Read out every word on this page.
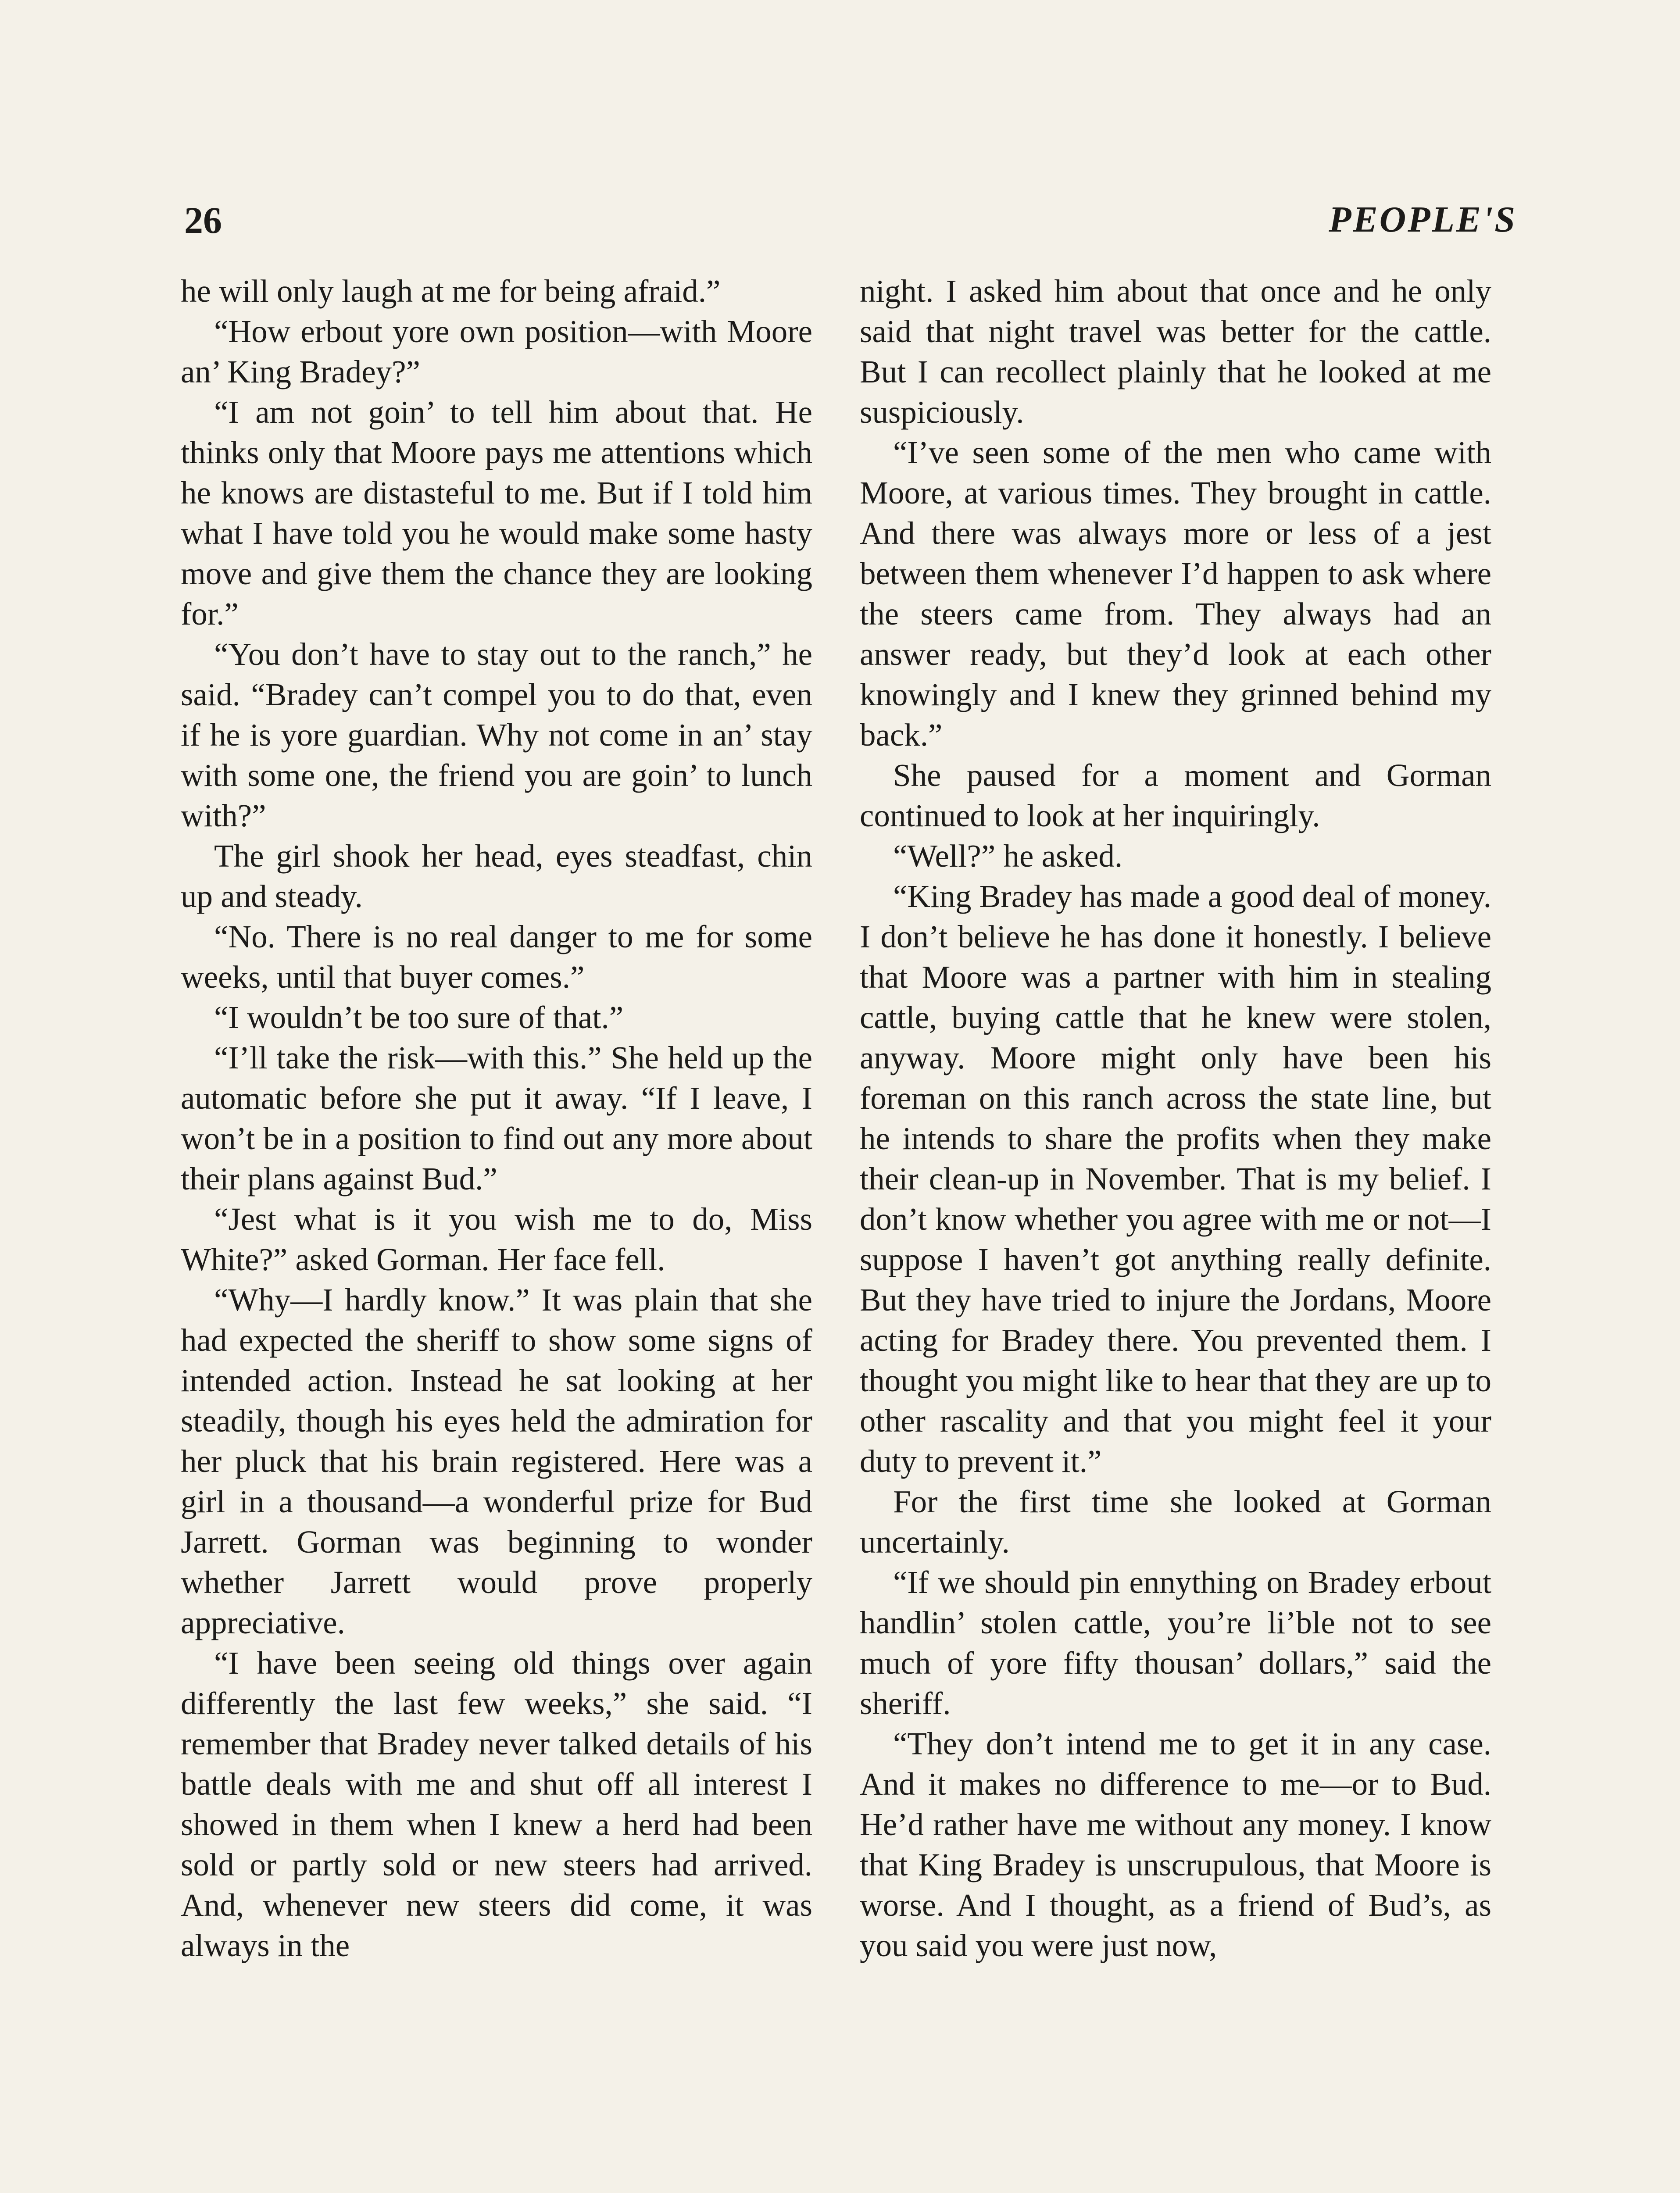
26	PEOPLE'S

he will only laugh at me for being afraid.”

“How erbout yore own position—with Moore an’ King Bradey?”

“I am not goin’ to tell him about that. He thinks only that Moore pays me attentions which he knows are distasteful to me. But if I told him what I have told you he would make some hasty move and give them the chance they are looking for.”

“You don’t have to stay out to the ranch,” he said. “Bradey can’t compel you to do that, even if he is yore guardian. Why not come in an’ stay with some one, the friend you are goin’ to lunch with?”

The girl shook her head, eyes steadfast, chin up and steady.

“No. There is no real danger to me for some weeks, until that buyer comes.”

“I wouldn’t be too sure of that.”

“I’ll take the risk—with this.” She held up the automatic before she put it away. “If I leave, I won’t be in a position to find out any more about their plans against Bud.”

“Jest what is it you wish me to do, Miss White?” asked Gorman. Her face fell.

“Why—I hardly know.” It was plain that she had expected the sheriff to show some signs of intended action. Instead he sat looking at her steadily, though his eyes held the admiration for her pluck that his brain registered. Here was a girl in a thousand—a wonderful prize for Bud Jarrett. Gorman was beginning to wonder whether Jarrett would prove properly appreciative.

“I have been seeing old things over again differently the last few weeks,” she said. “I remember that Bradey never talked details of his battle deals with me and shut off all interest I showed in them when I knew a herd had been sold or partly sold or new steers had arrived. And, whenever new steers did come, it was always in the

night. I asked him about that once and he only said that night travel was better for the cattle. But I can recollect plainly that he looked at me suspiciously.

“I’ve seen some of the men who came with Moore, at various times. They brought in cattle. And there was always more or less of a jest between them whenever I’d happen to ask where the steers came from. They always had an answer ready, but they’d look at each other knowingly and I knew they grinned behind my back.”

She paused for a moment and Gorman continued to look at her inquiringly.

“Well?” he asked.

“King Bradey has made a good deal of money. I don’t believe he has done it honestly. I believe that Moore was a partner with him in stealing cattle, buying cattle that he knew were stolen, anyway. Moore might only have been his foreman on this ranch across the state line, but he intends to share the profits when they make their clean-up in November. That is my belief. I don’t know whether you agree with me or not—I suppose I haven’t got anything really definite. But they have tried to injure the Jordans, Moore acting for Bradey there. You prevented them. I thought you might like to hear that they are up to other rascality and that you might feel it your duty to prevent it.”

For the first time she looked at Gorman uncertainly.

“If we should pin ennything on Bradey erbout handlin’ stolen cattle, you’re li’ble not to see much of yore fifty thousan’ dollars,” said the sheriff.

“They don’t intend me to get it in any case. And it makes no difference to me—or to Bud. He’d rather have me without any money. I know that King Bradey is unscrupulous, that Moore is worse. And I thought, as a friend of Bud’s, as you said you were just now,
